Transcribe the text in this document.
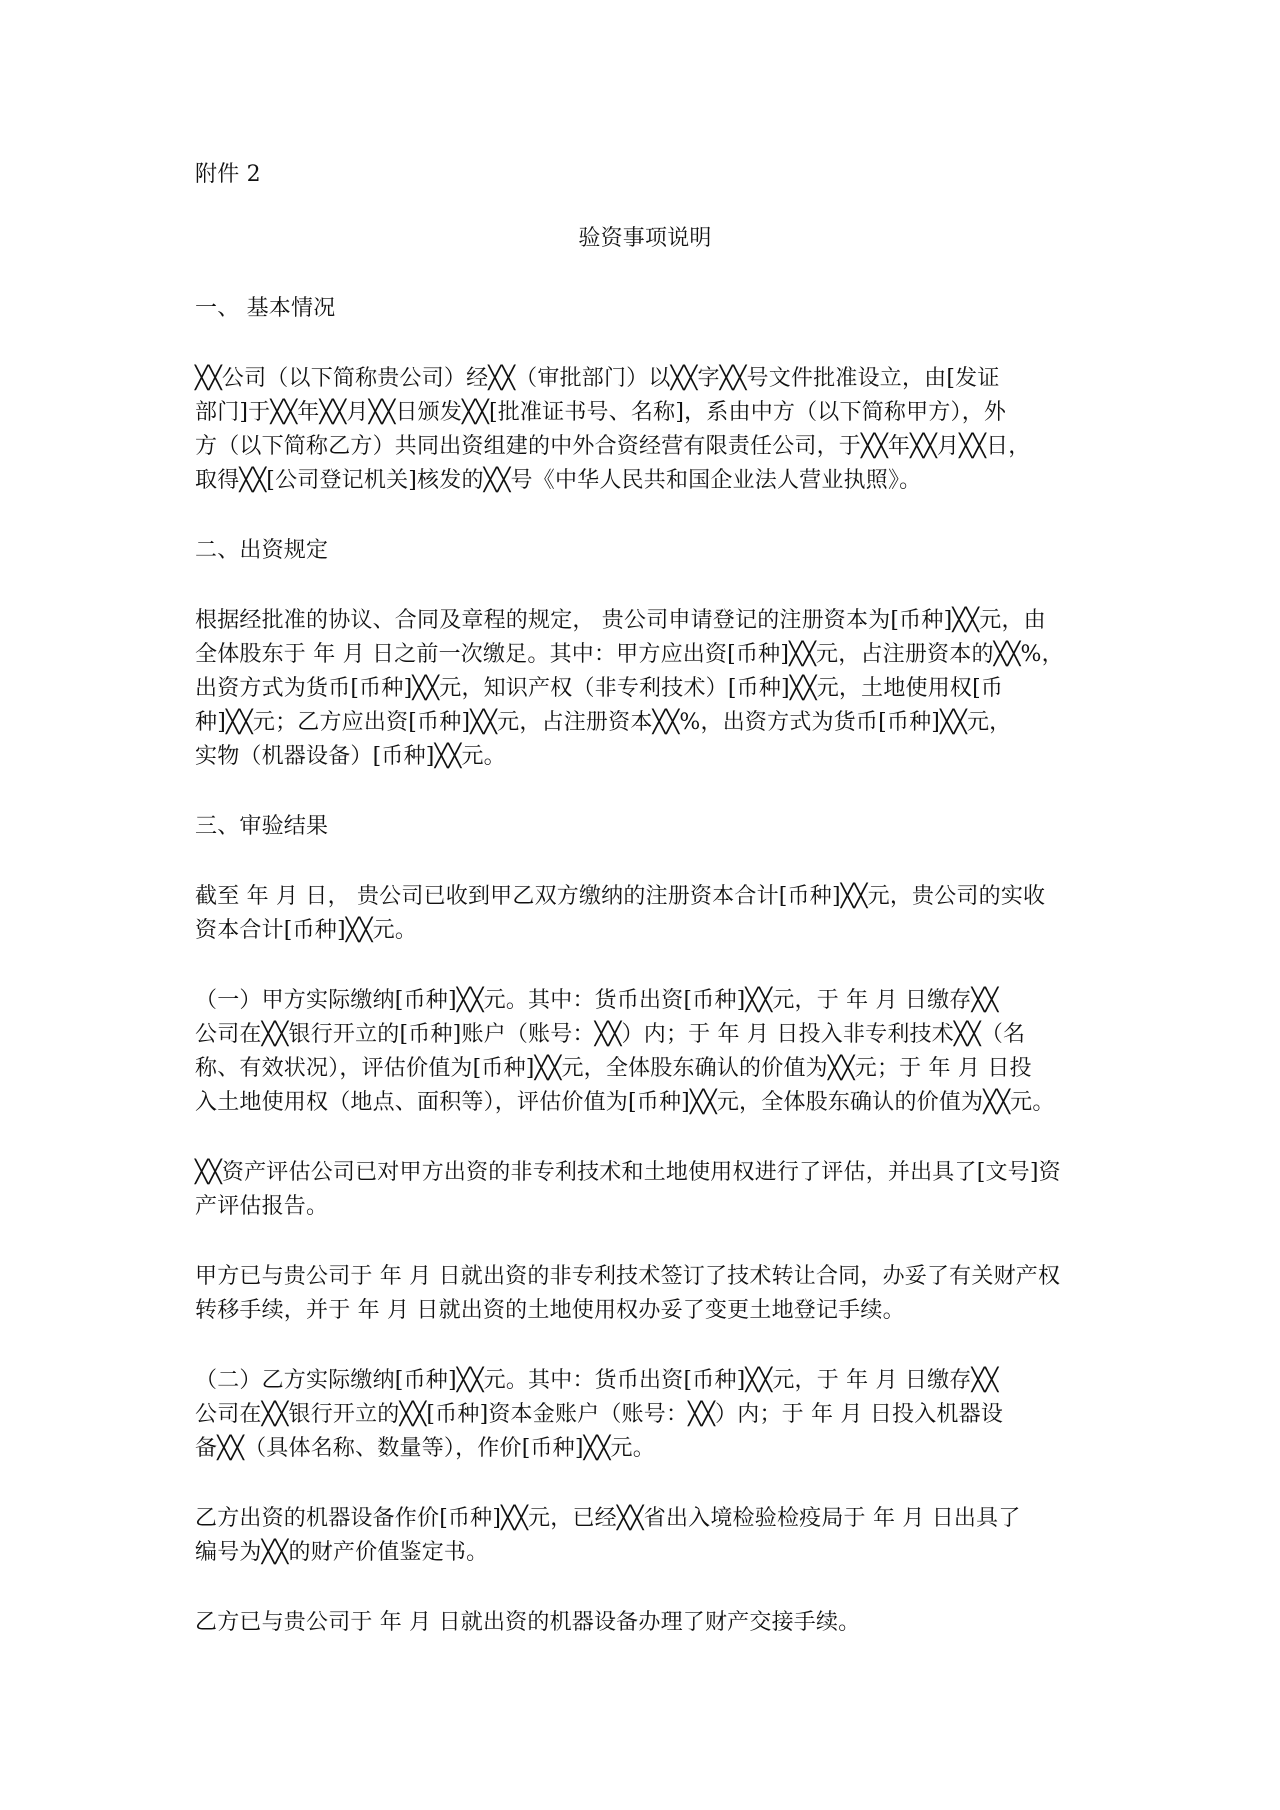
附件 2
验资事项说明
一、 基本情况
╳╳公司（以下简称贵公司）经╳╳（审批部门）以╳╳字╳╳号文件批准设立，由[发证
部门]于╳╳年╳╳月╳╳日颁发╳╳[批准证书号、名称]，系由中方（以下简称甲方），外
方（以下简称乙方）共同出资组建的中外合资经营有限责任公司，于╳╳年╳╳月╳╳日，
取得╳╳[公司登记机关]核发的╳╳号《中华人民共和国企业法人营业执照》。
二、出资规定
根据经批准的协议、合同及章程的规定， 贵公司申请登记的注册资本为[币种]╳╳元，由
全体股东于 年 月 日之前一次缴足。其中：甲方应出资[币种]╳╳元，占注册资本的╳╳%，
出资方式为货币[币种]╳╳元，知识产权（非专利技术）[币种]╳╳元，土地使用权[币
种]╳╳元；乙方应出资[币种]╳╳元，占注册资本╳╳%，出资方式为货币[币种]╳╳元，
实物（机器设备）[币种]╳╳元。
三、审验结果
截至 年 月 日， 贵公司已收到甲乙双方缴纳的注册资本合计[币种]╳╳元，贵公司的实收
资本合计[币种]╳╳元。
（一）甲方实际缴纳[币种]╳╳元。其中：货币出资[币种]╳╳元，于 年 月 日缴存╳╳
公司在╳╳银行开立的[币种]账户（账号：╳╳）内；于 年 月 日投入非专利技术╳╳（名
称、有效状况），评估价值为[币种]╳╳元，全体股东确认的价值为╳╳元；于 年 月 日投
入土地使用权（地点、面积等），评估价值为[币种]╳╳元，全体股东确认的价值为╳╳元。
╳╳资产评估公司已对甲方出资的非专利技术和土地使用权进行了评估，并出具了[文号]资
产评估报告。
甲方已与贵公司于 年 月 日就出资的非专利技术签订了技术转让合同，办妥了有关财产权
转移手续，并于 年 月 日就出资的土地使用权办妥了变更土地登记手续。
（二）乙方实际缴纳[币种]╳╳元。其中：货币出资[币种]╳╳元，于 年 月 日缴存╳╳
公司在╳╳银行开立的╳╳[币种]资本金账户（账号：╳╳）内；于 年 月 日投入机器设
备╳╳（具体名称、数量等），作价[币种]╳╳元。
乙方出资的机器设备作价[币种]╳╳元，已经╳╳省出入境检验检疫局于 年 月 日出具了
编号为╳╳的财产价值鉴定书。
乙方已与贵公司于 年 月 日就出资的机器设备办理了财产交接手续。
